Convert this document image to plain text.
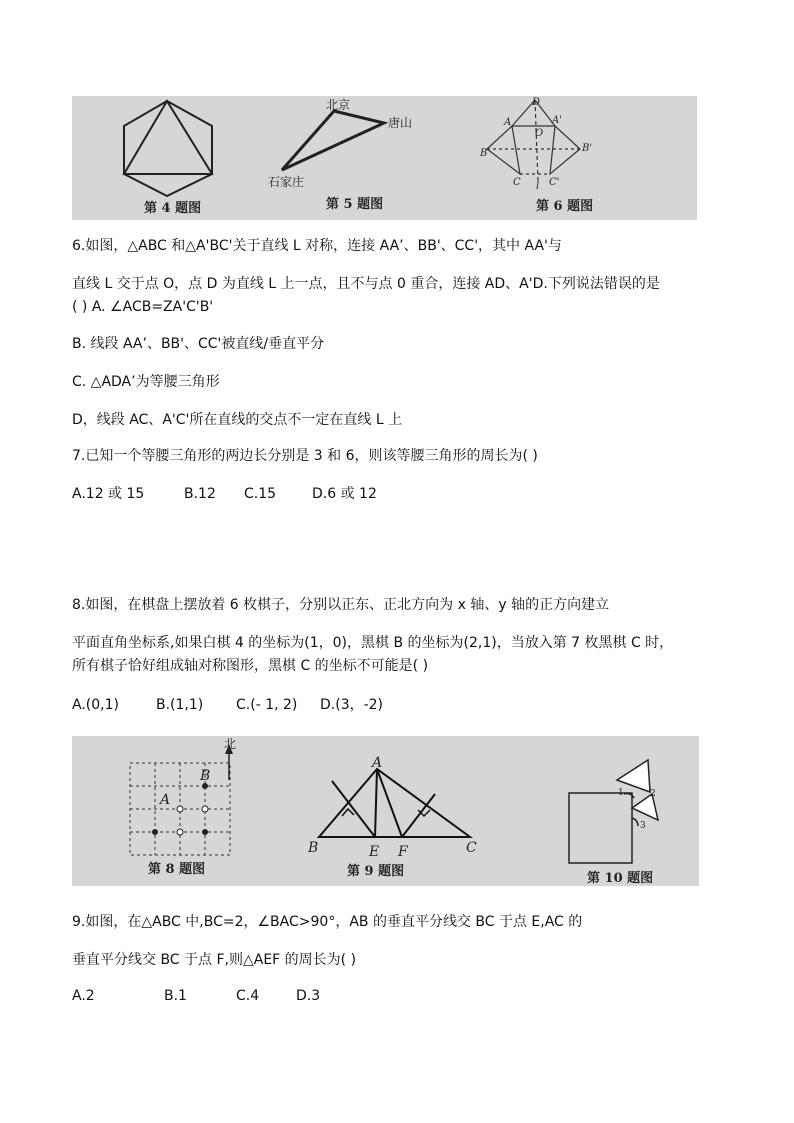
第 4 题图
北京
唐山
石家庄
第 5 题图
D
A	A'
O
B	B'
C	C'
l
第 6 题图
6.如图，△ABC 和△A'BC'关于直线 L 对称，连接 AA’、BB'、CC'，其中 AA'与
直线 L 交于点 O，点 D 为直线 L 上一点，且不与点 0 重合，连接 AD、A'D.下列说法错误的是
( ) A. ∠ACB=ZA'C'B'
B. 线段 AA’、BB'、CC'被直线/垂直平分
C. △ADA’为等腰三角形
D，线段 AC、A'C'所在直线的交点不一定在直线 L 上
7.已知一个等腰三角形的两边长分别是 3 和 6，则该等腰三角形的周长为( )
A.12 或 15	B.12 C.15	D.6 或 12
8.如图，在棋盘上摆放着 6 枚棋子，分别以正东、正北方向为 x 轴、y 轴的正方向建立
平面直角坐标系,如果白棋 4 的坐标为(1，0)，黑棋 B 的坐标为(2,1)，当放入第 7 枚黑棋 C 时，
所有棋子恰好组成轴对称图形，黑棋 C 的坐标不可能是( )
A.(0,1)	B.(1,1) C.(- 1, 2) D.(3，-2)
B
A
北
第 8 题图
A
B	E F	C
第 9 题图
1	2
3
第 10 题图
9.如图，在△ABC 中,BC=2，∠BAC>90°，AB 的垂直平分线交 BC 于点 E,AC 的
垂直平分线交 BC 于点 F,则△AEF 的周长为( )
A.2	B.1	C.4	D.3
